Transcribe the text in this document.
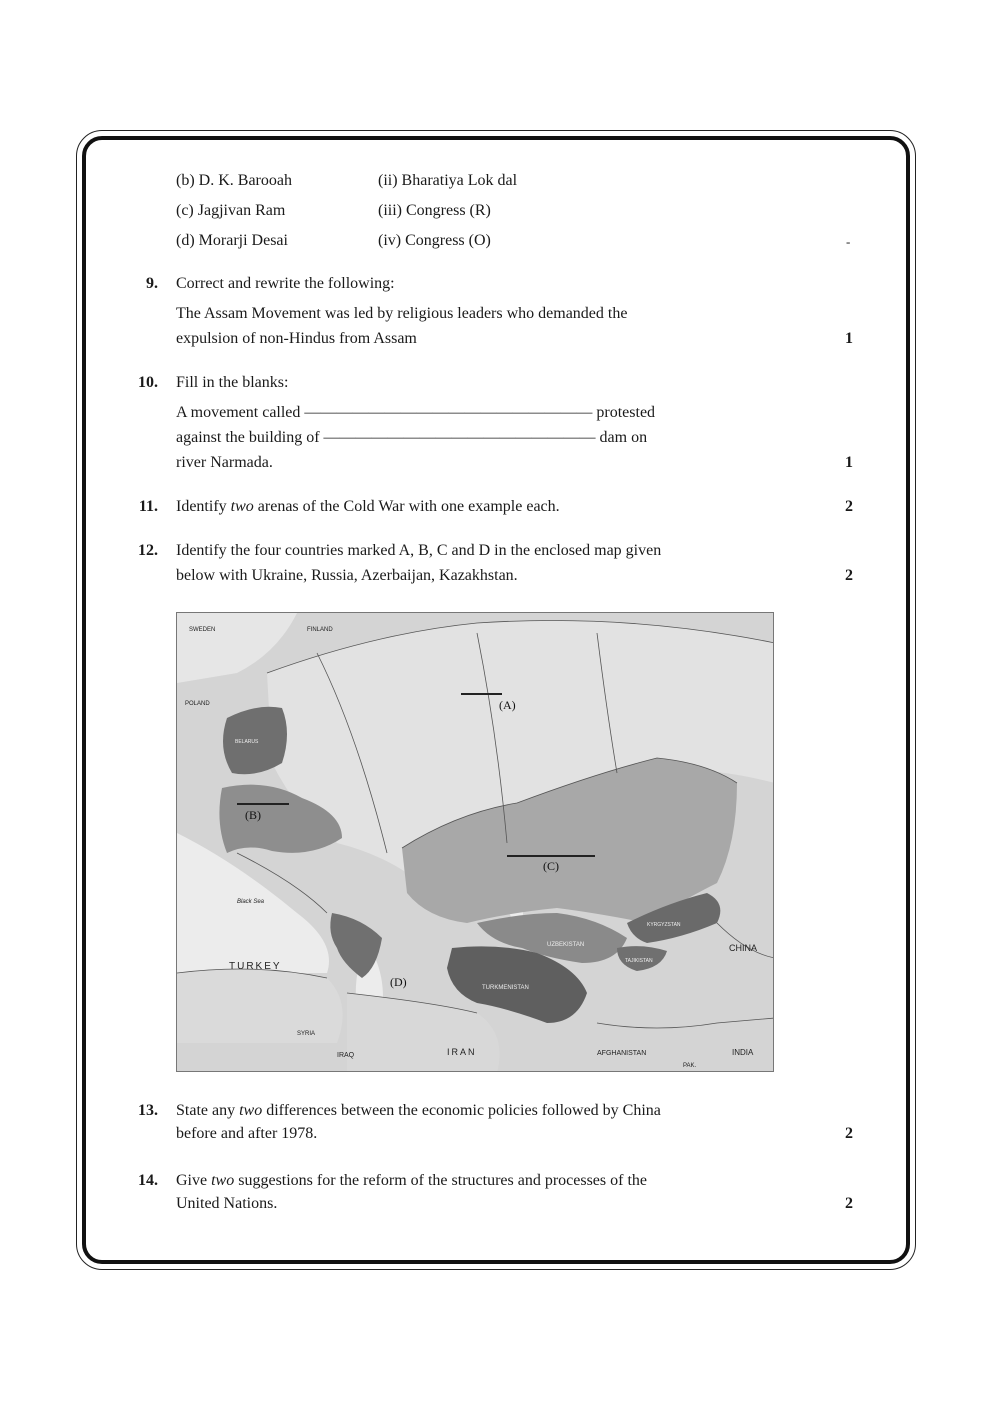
(b) D. K. Barooah	(ii) Bharatiya Lok dal
(c) Jagjivan Ram	(iii) Congress (R)
(d) Morarji Desai	(iv) Congress (O)	-
9. Correct and rewrite the following:
The Assam Movement was led by religious leaders who demanded the
expulsion of non-Hindus from Assam	1
10. Fill in the blanks:
A movement called —————————————————— protested
against the building of ————————————————— dam on
river Narmada.	1
11. Identify two arenas of the Cold War with one example each.	2
12. Identify the four countries marked A, B, C and D in the enclosed map given
below with Ukraine, Russia, Azerbaijan, Kazakhstan.	2
(A)
(B)
(C)
(D)
TURKEY
CHINA
IRAN	AFGHANISTAN	INDIA
TURKMENISTAN
UZBEKISTAN
FINLAND
SWEDEN
POLAND
SYRIA
IRAQ
PAK.
Black Sea
BELARUS
KYRGYZSTAN
TAJIKISTAN
13. State any two differences between the economic policies followed by China
before and after 1978.	2
14. Give two suggestions for the reform of the structures and processes of the
United Nations.	2
